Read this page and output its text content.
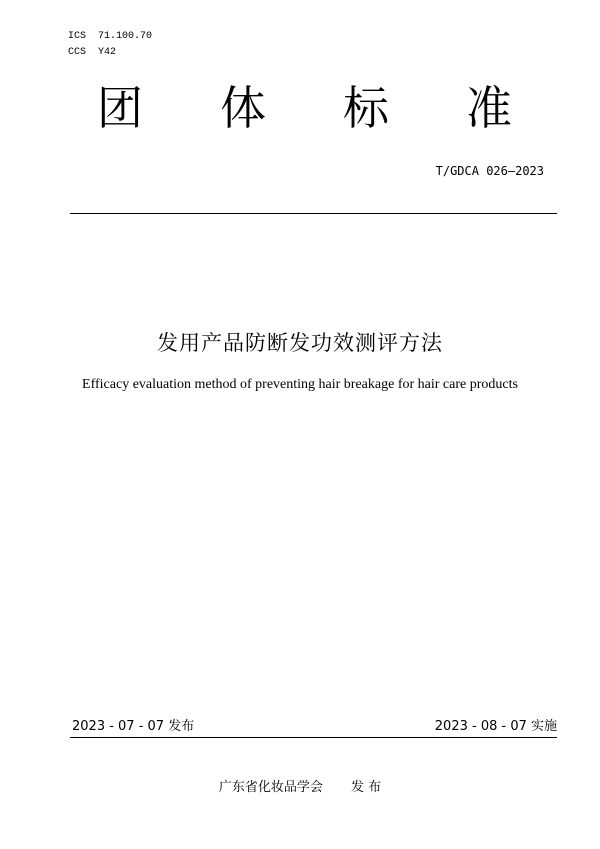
ICS  71.100.70
CCS  Y42
团 体 标 准
T/GDCA 026—2023
发用产品防断发功效测评方法
Efficacy evaluation method of preventing hair breakage for hair care products
2023 - 07 - 07 发布	2023 - 08 - 07 实施
广东省化妆品学会 发 布
